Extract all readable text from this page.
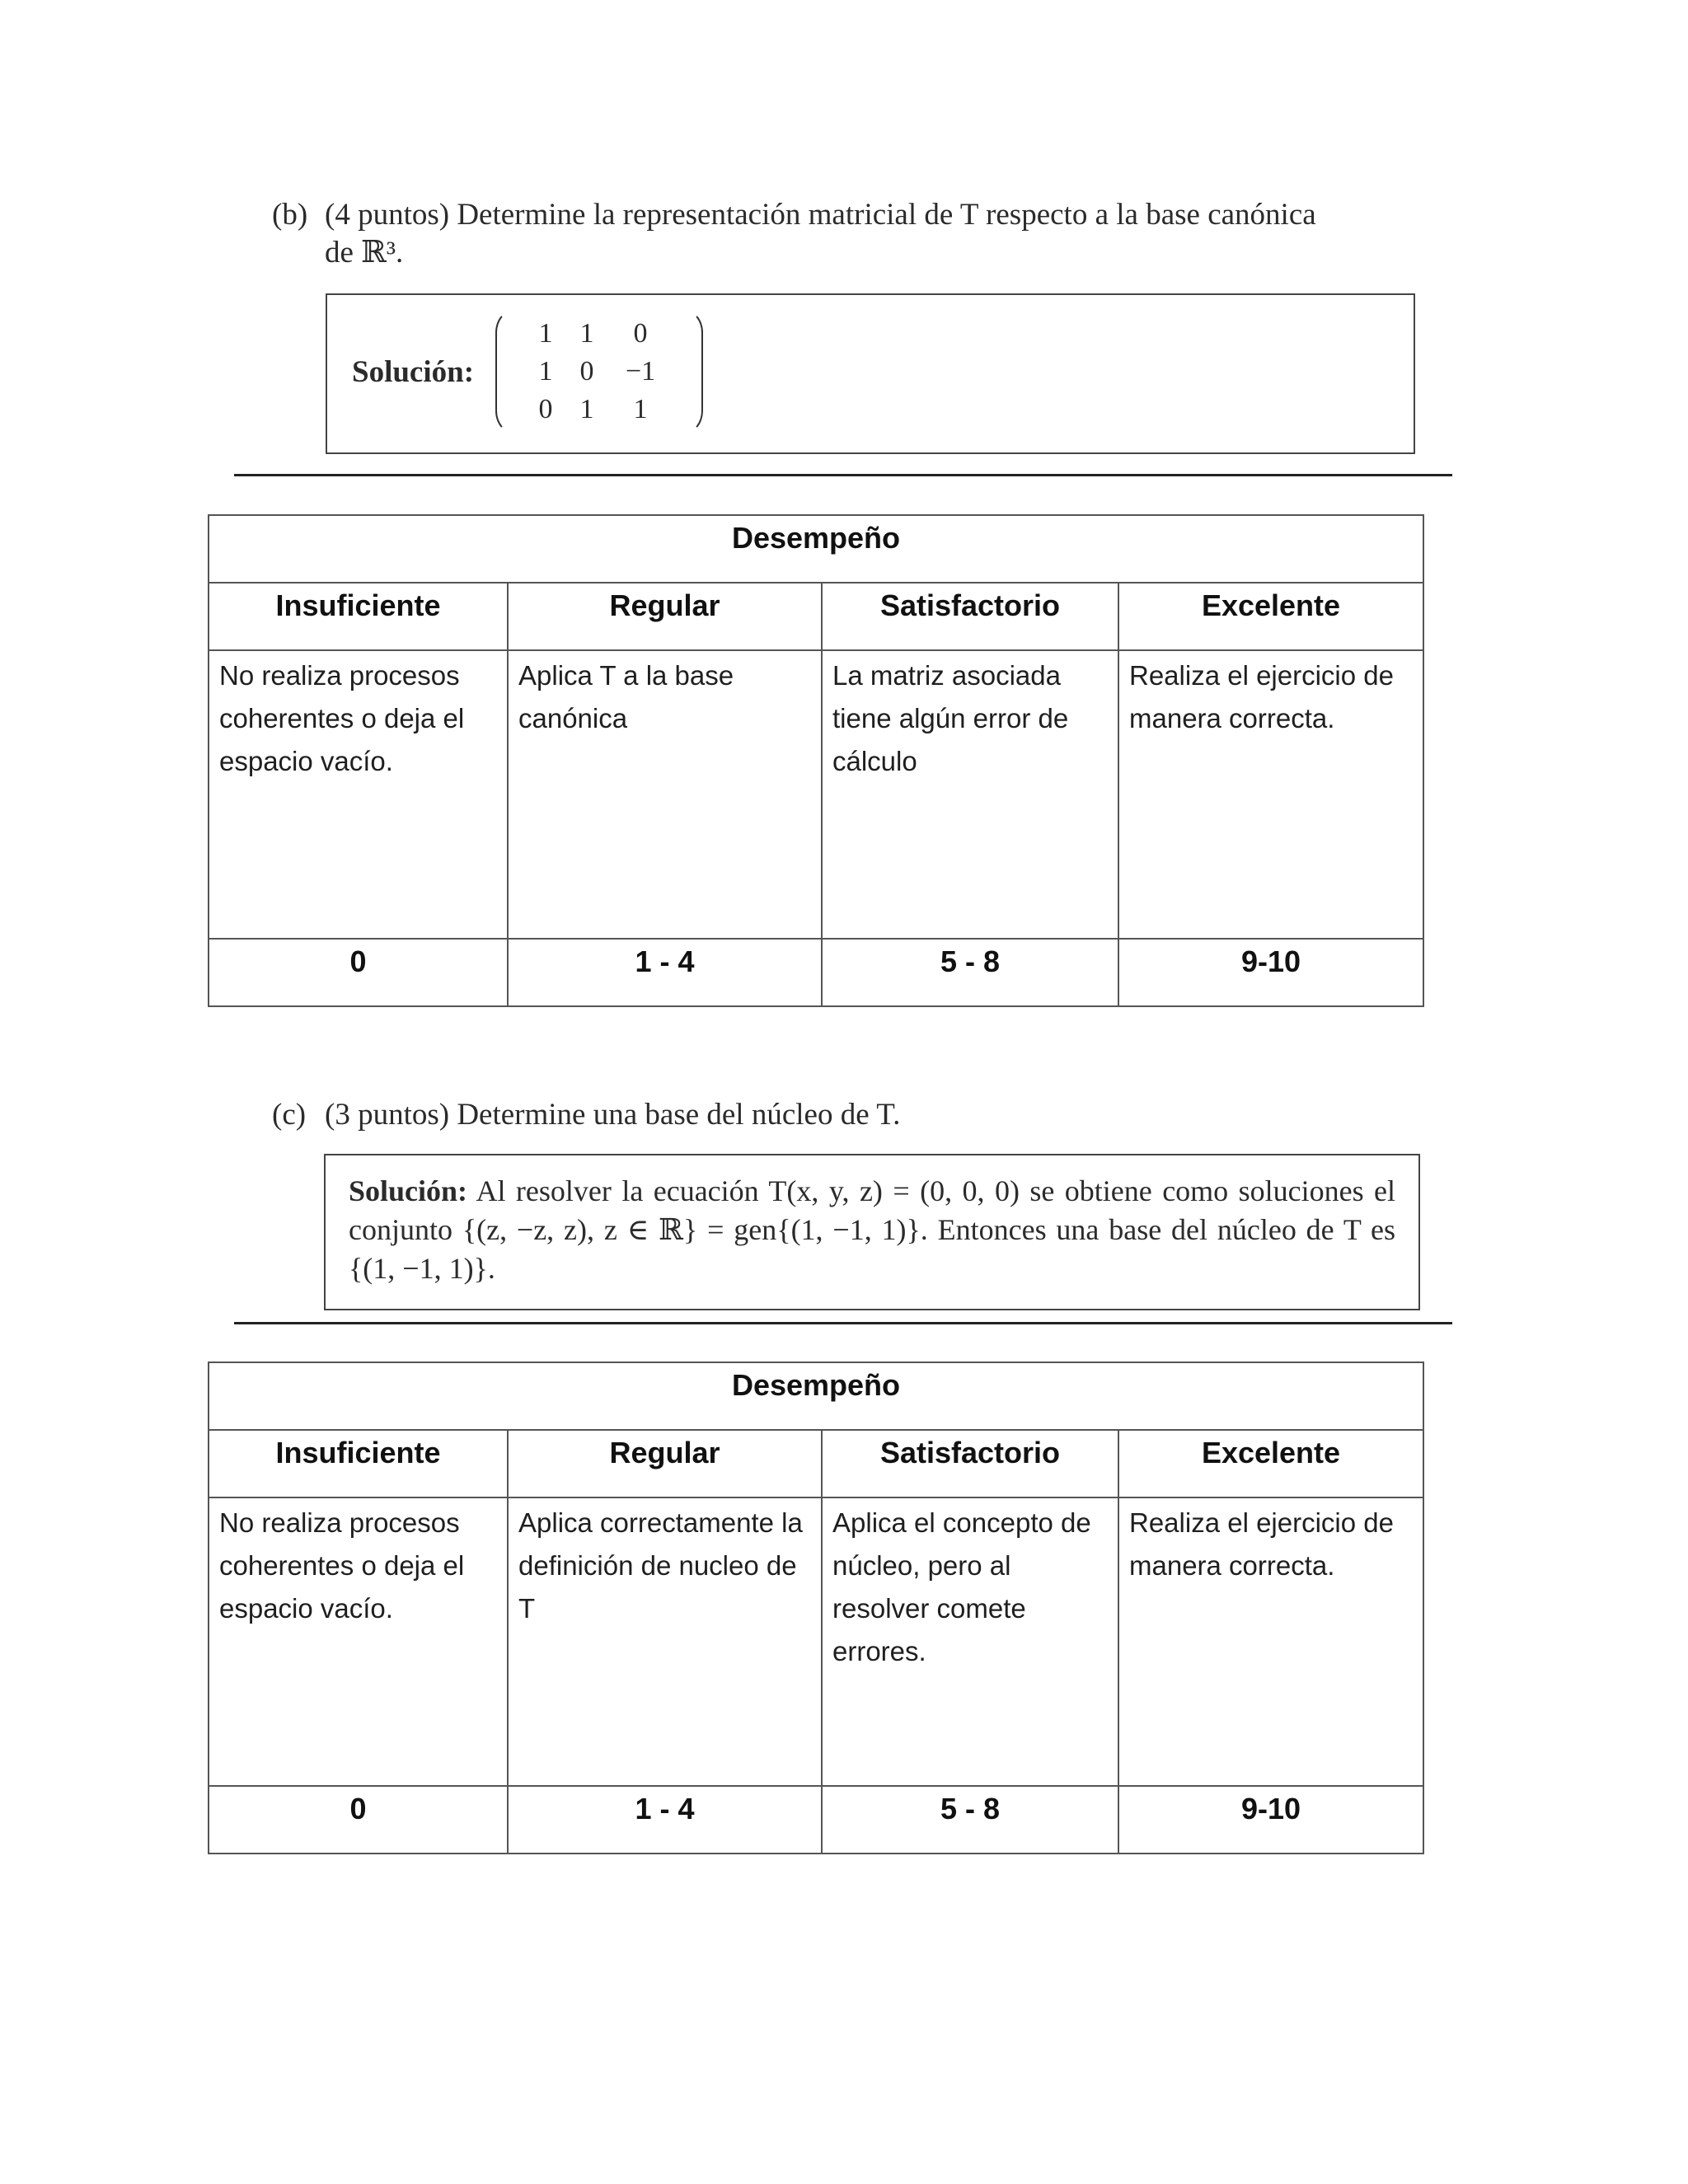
(b) (4 puntos) Determine la representación matricial de T respecto a la base canónica
de ℝ³.
Solución:
1 1	0
1 0	−1
0 1	1
Desempeño			
Insuficiente	Regular	Satisfactorio	Excelente
No realiza procesos coherentes o deja el espacio vacío.	Aplica T a la base canónica	La matriz asociada tiene algún error de cálculo	Realiza el ejercicio de manera correcta.
0	1 - 4	5 - 8	9-10
(c) (3 puntos) Determine una base del núcleo de T.
Solución: Al resolver la ecuación T(x, y, z) = (0, 0, 0) se obtiene como soluciones el conjunto {(z, −z, z), z ∈ ℝ} = gen{(1, −1, 1)}. Entonces una base del núcleo de T es {(1, −1, 1)}.
Desempeño			
Insuficiente	Regular	Satisfactorio	Excelente
No realiza procesos coherentes o deja el espacio vacío.	Aplica correctamente la definición de nucleo de T	Aplica el concepto de núcleo, pero al resolver comete errores.	Realiza el ejercicio de manera correcta.
0	1 - 4	5 - 8	9-10
